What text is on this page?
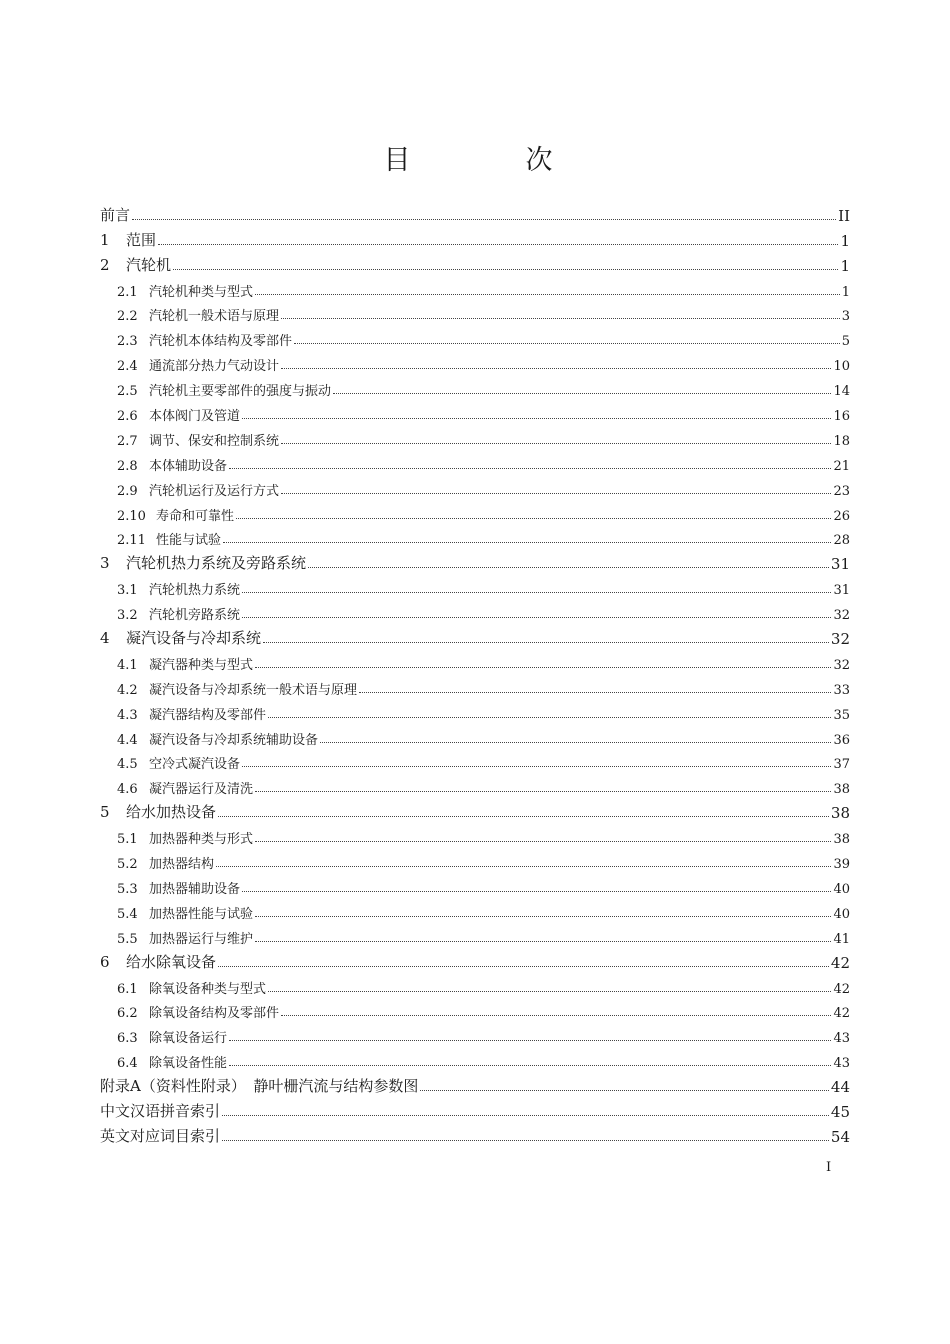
目　次
前言	II
1 范围	1
2 汽轮机	1
2.1 汽轮机种类与型式	1
2.2 汽轮机一般术语与原理	3
2.3 汽轮机本体结构及零部件	5
2.4 通流部分热力气动设计	10
2.5 汽轮机主要零部件的强度与振动	14
2.6 本体阀门及管道	16
2.7 调节、保安和控制系统	18
2.8 本体辅助设备	21
2.9 汽轮机运行及运行方式	23
2.10 寿命和可靠性	26
2.11 性能与试验	28
3 汽轮机热力系统及旁路系统	31
3.1 汽轮机热力系统	31
3.2 汽轮机旁路系统	32
4 凝汽设备与冷却系统	32
4.1 凝汽器种类与型式	32
4.2 凝汽设备与冷却系统一般术语与原理	33
4.3 凝汽器结构及零部件	35
4.4 凝汽设备与冷却系统辅助设备	36
4.5 空冷式凝汽设备	37
4.6 凝汽器运行及清洗	38
5 给水加热设备	38
5.1 加热器种类与形式	38
5.2 加热器结构	39
5.3 加热器辅助设备	40
5.4 加热器性能与试验	40
5.5 加热器运行与维护	41
6 给水除氧设备	42
6.1 除氧设备种类与型式	42
6.2 除氧设备结构及零部件	42
6.3 除氧设备运行	43
6.4 除氧设备性能	43
附录A（资料性附录）　静叶栅汽流与结构参数图	44
中文汉语拼音索引	45
英文对应词目索引	54
I
